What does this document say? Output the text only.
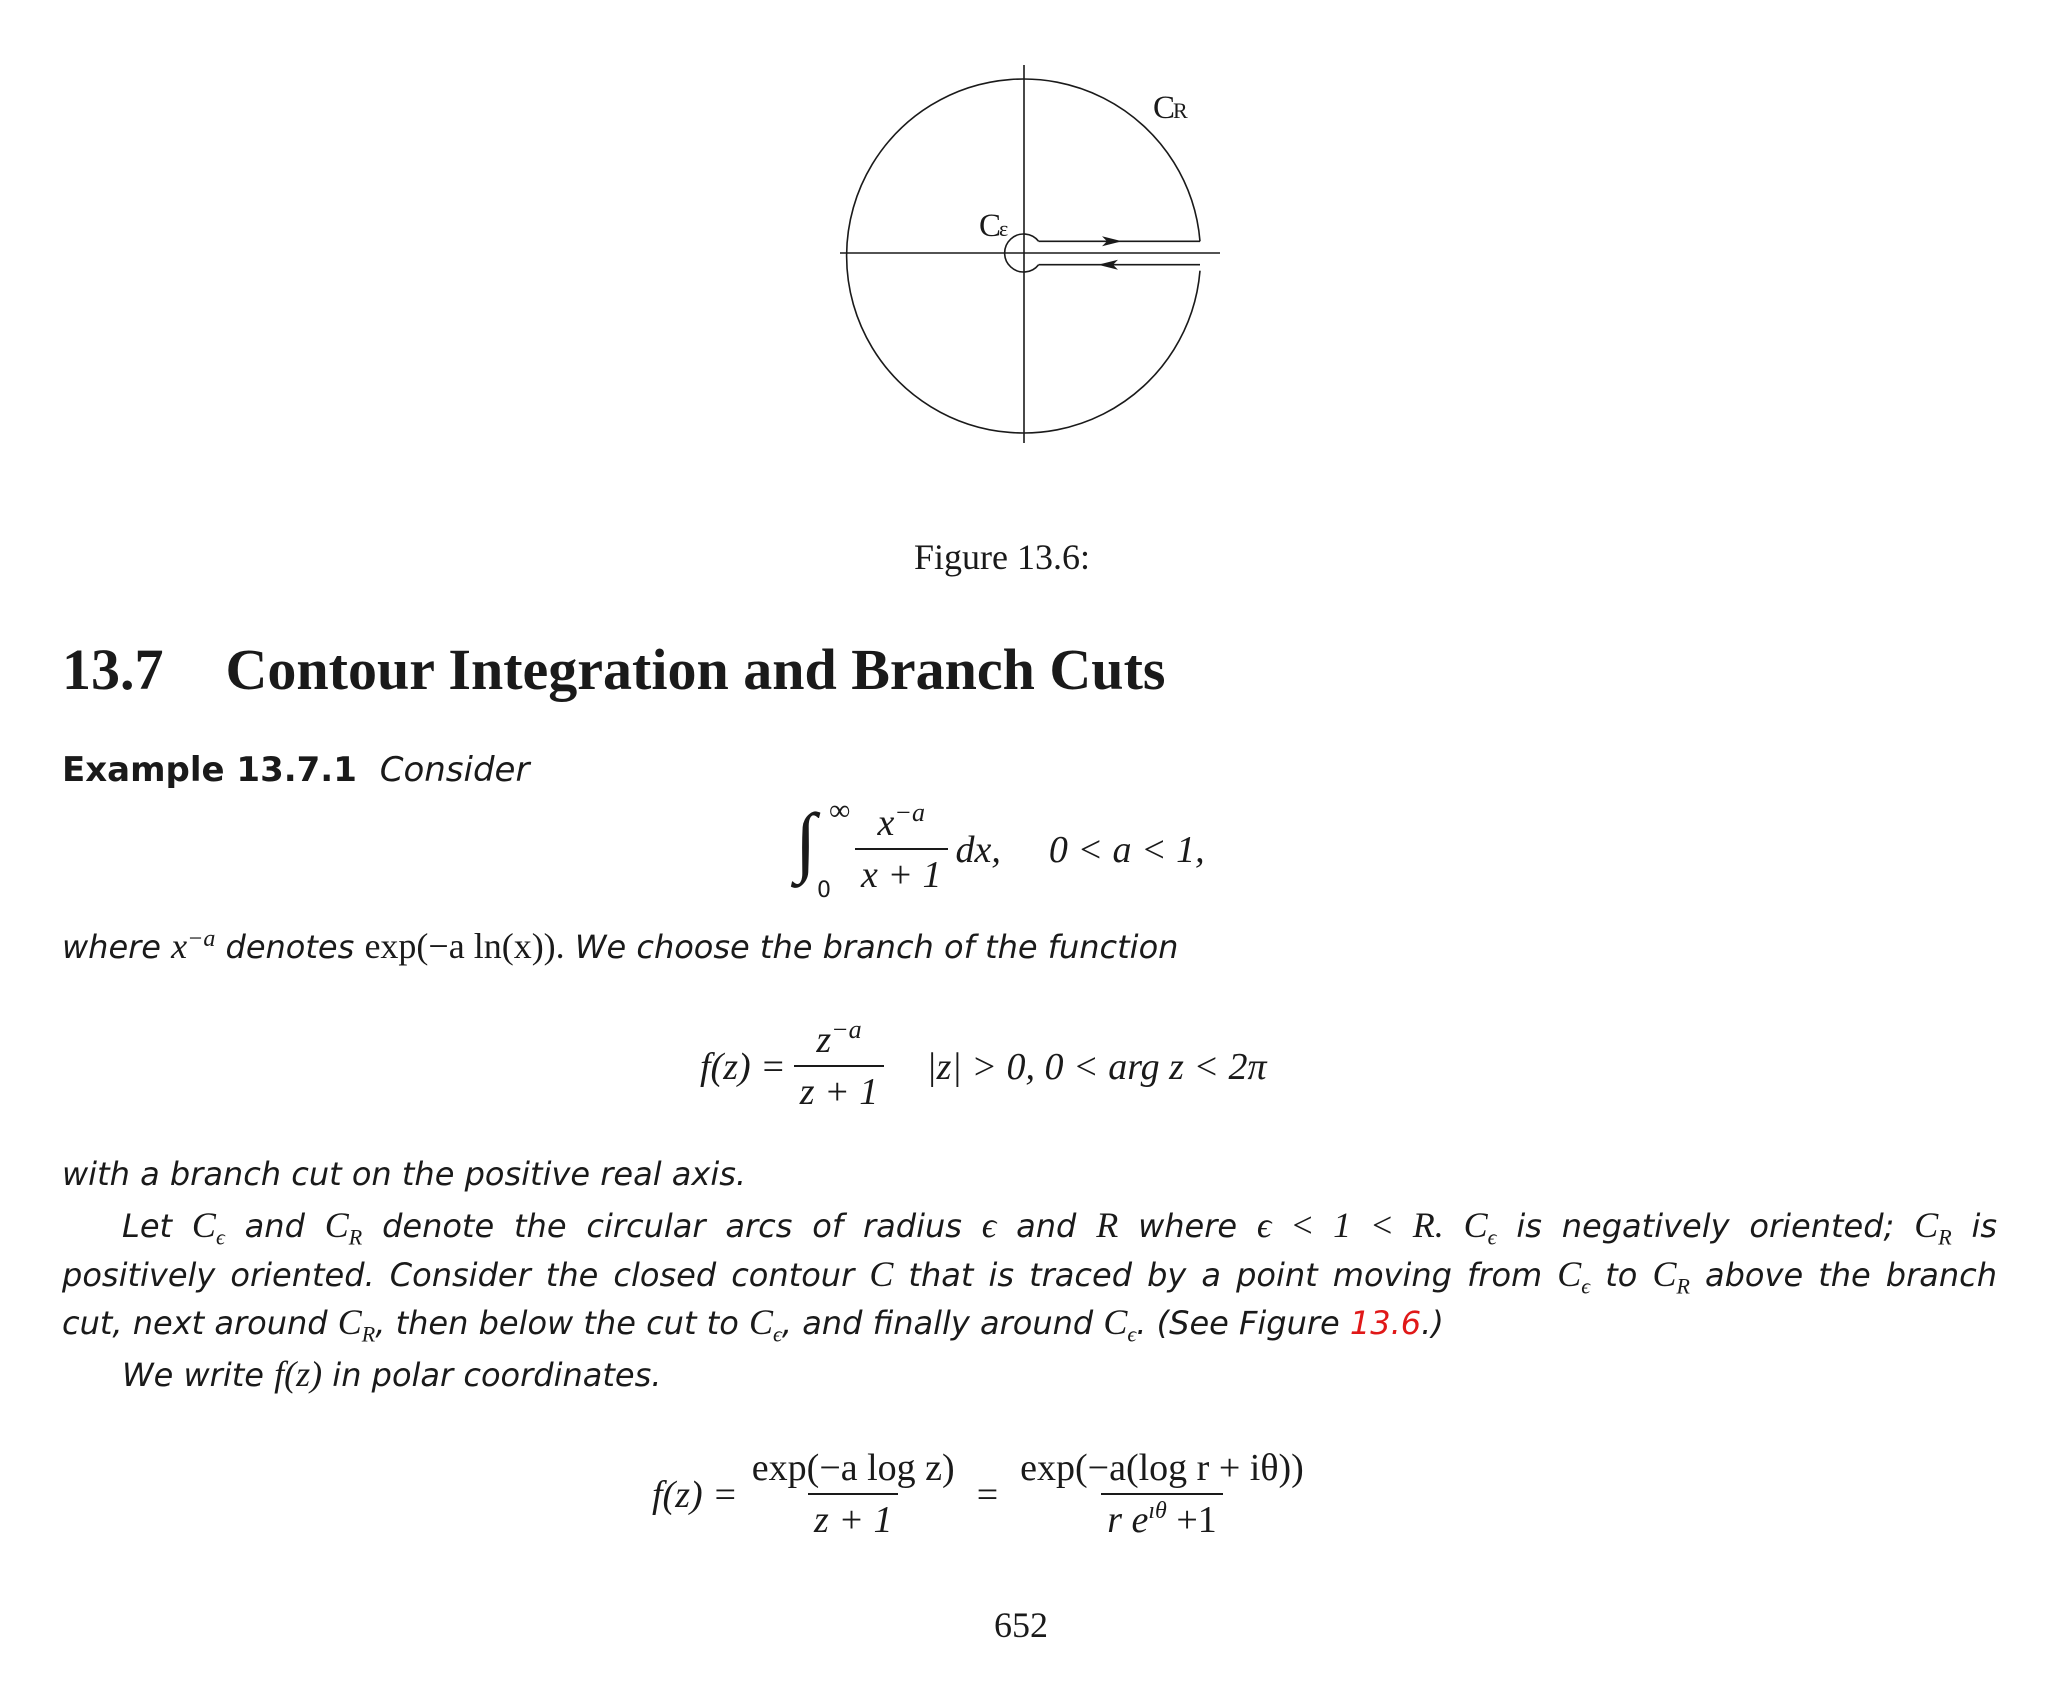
CR
Cε
Figure 13.6:
13.7 Contour Integration and Branch Cuts
Example 13.7.1 Consider
∫ ∞
$0 \frac{x^{-a}}{x + 1}$ dx, 0 < a < 1,
where $x^{-a}$ denotes exp(−a ln(x)). We choose the branch of the function
$f(z) = \frac{z^{-a}}{z + 1} |z| > 0$, 0 < arg z < 2π
with a branch cut on the positive real axis.
Let $C_\epsilon$ and $C_R$ denote the circular arcs of radius ϵ and R where ϵ < 1 < R. $C_\epsilon$ is negatively oriented; $C_R$ is
positively oriented. Consider the closed contour C that is traced by a point moving from $C_\epsilon$ to $C_R$ above the branch
cut, next around $C_R$, then below the cut to $C_\epsilon$, and finally around $C_\epsilon$. (See Figure 13.6.)
We write f(z) in polar coordinates.
$f(z) = \frac{\text{exp(−a log z)}}{z + 1} = \frac{\text{exp(−a(log r + iθ))}}{r e^{ı\theta} +1}$
652
